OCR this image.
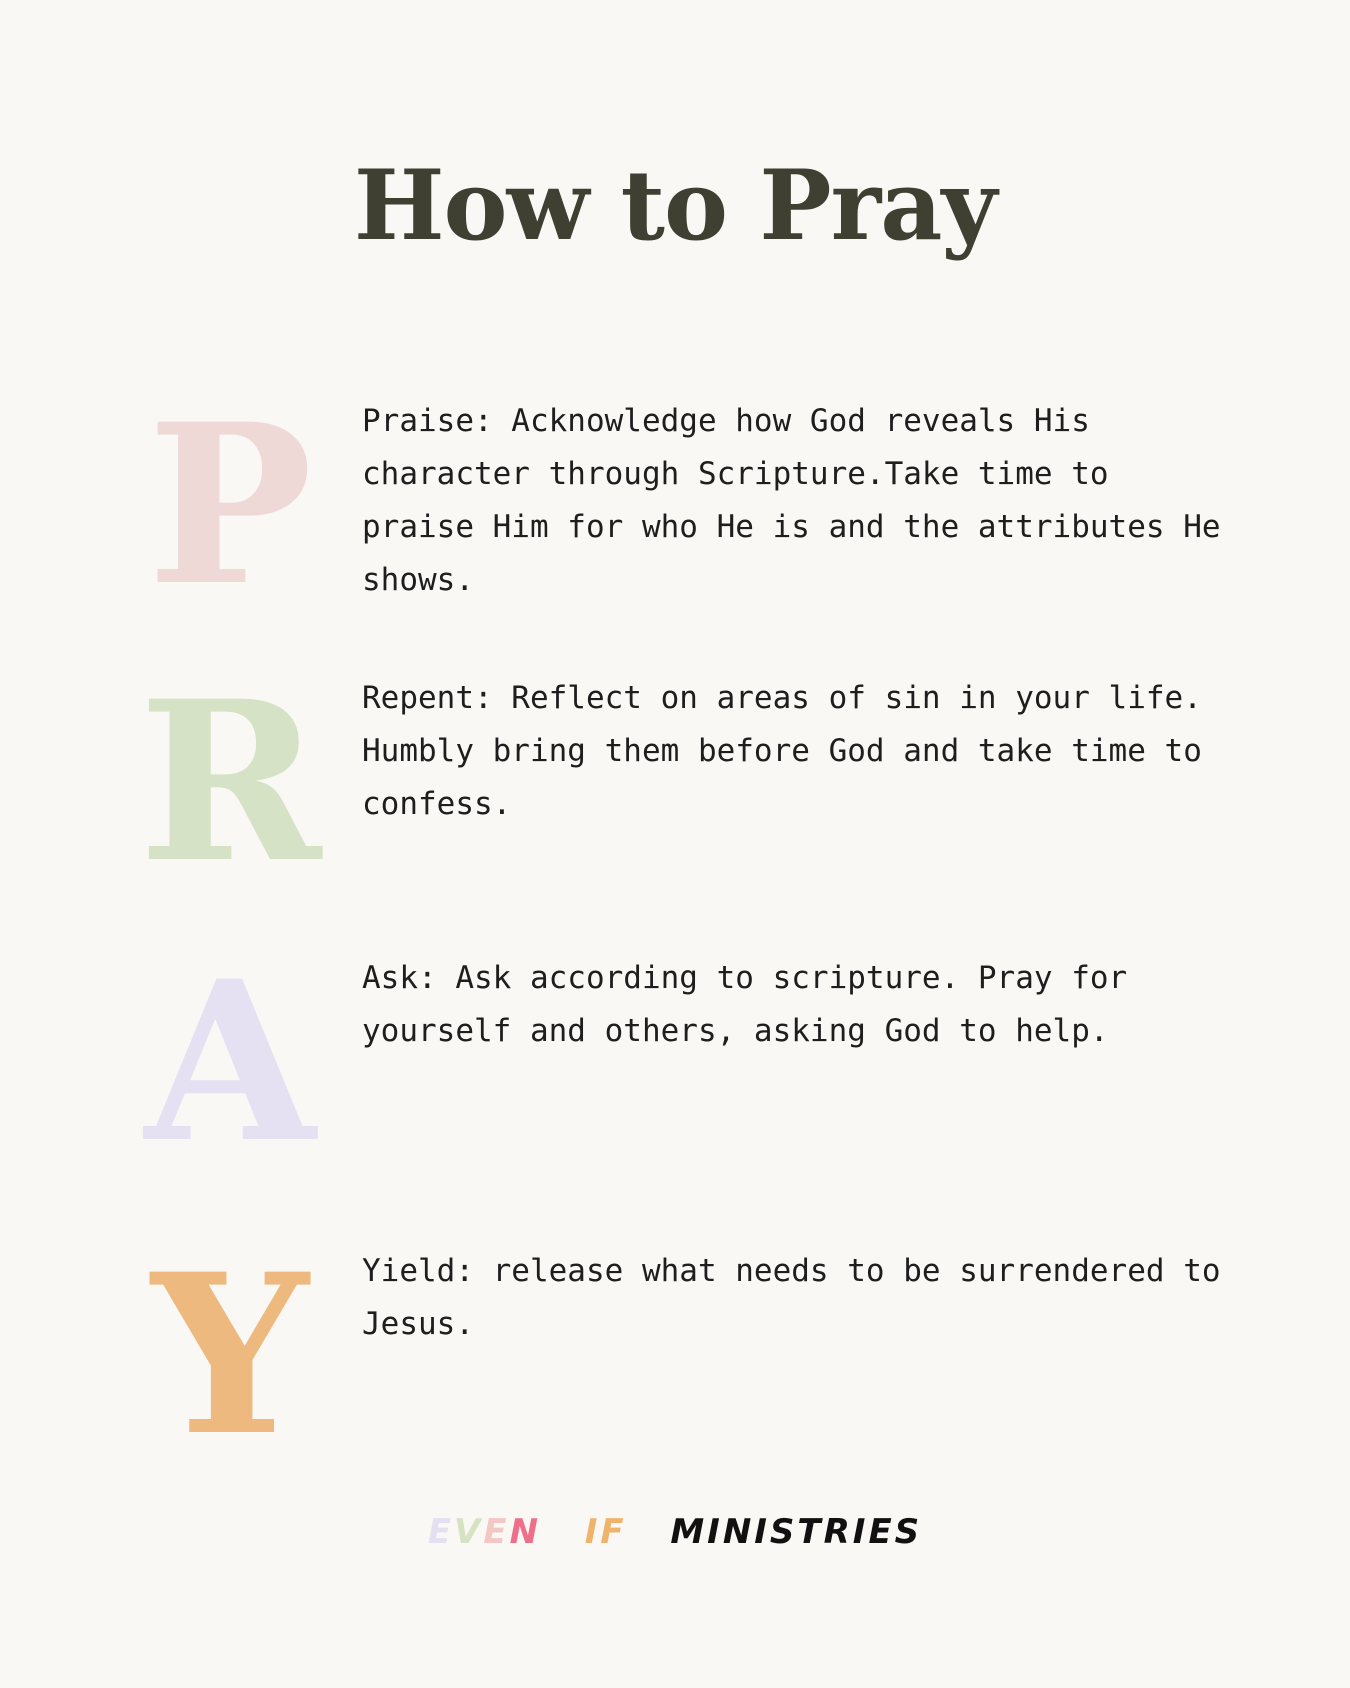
How to Pray
P	Praise: Acknowledge how God reveals His character through Scripture.Take time to praise Him for who He is and the attributes He shows.
R Repent: Reflect on areas of sin in your life. Humbly bring them before God and take time to confess.
A	Ask: Ask according to scripture. Pray for yourself and others, asking God to help.
Y	Yield: release what needs to be surrendered to Jesus.
EVEN IF MINISTRIES
